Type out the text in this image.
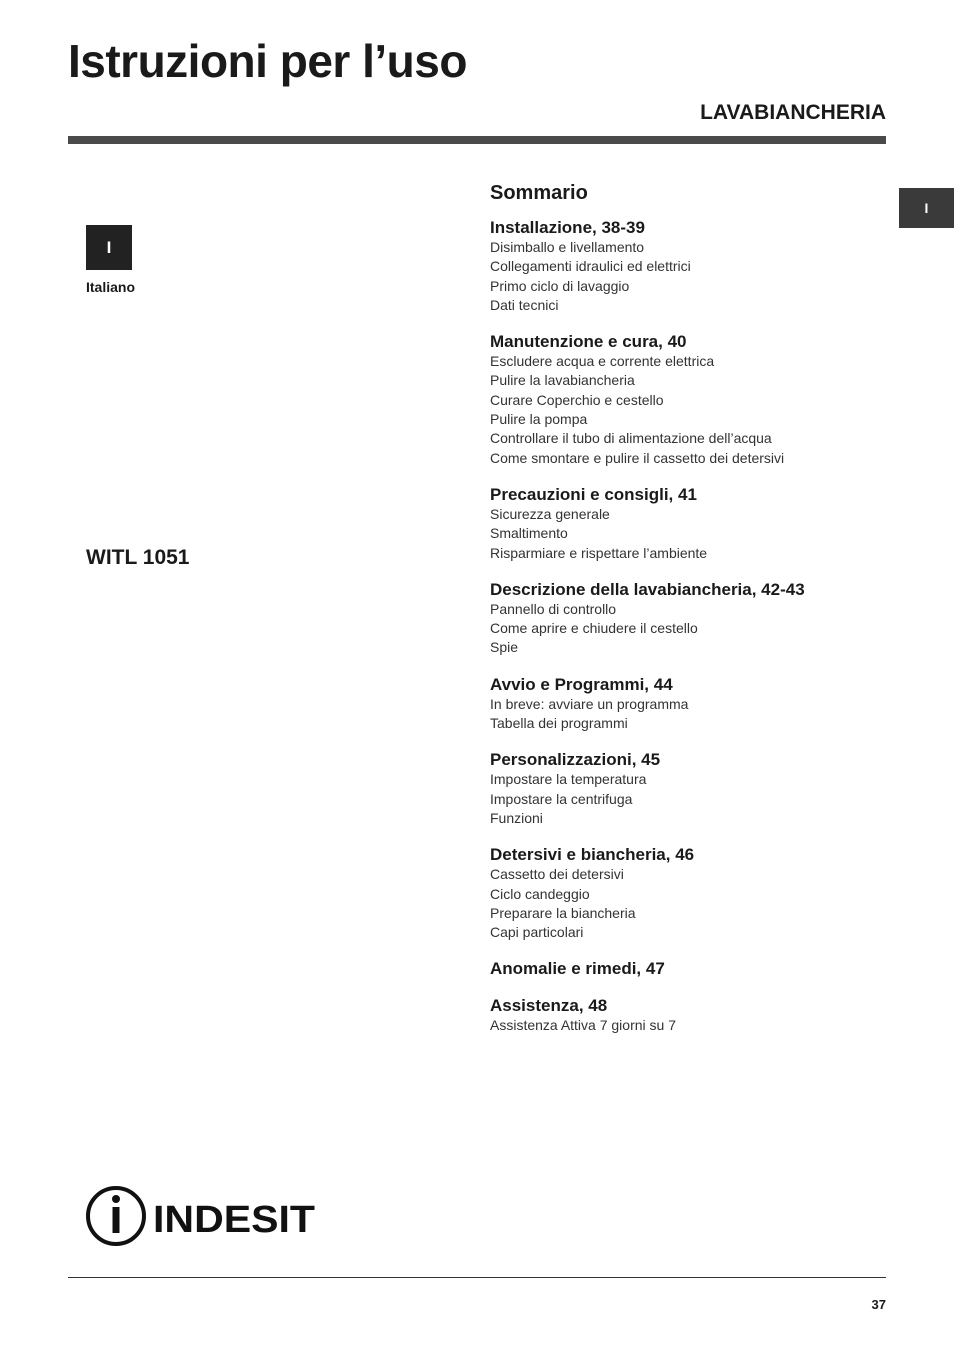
Istruzioni per l’uso
LAVABIANCHERIA
I
I
Italiano
WITL 1051
Sommario
Installazione, 38-39
Disimballo e livellamento
Collegamenti idraulici ed elettrici
Primo ciclo di lavaggio
Dati tecnici
Manutenzione e cura, 40
Escludere acqua e corrente elettrica
Pulire la lavabiancheria
Curare Coperchio e cestello
Pulire la pompa
Controllare il tubo di alimentazione dell’acqua
Come smontare e pulire il cassetto dei detersivi
Precauzioni e consigli, 41
Sicurezza generale
Smaltimento
Risparmiare e rispettare l’ambiente
Descrizione della lavabiancheria, 42-43
Pannello di controllo
Come aprire e chiudere il cestello
Spie
Avvio e Programmi, 44
In breve: avviare un programma
Tabella dei programmi
Personalizzazioni, 45
Impostare la temperatura
Impostare la centrifuga
Funzioni
Detersivi e biancheria, 46
Cassetto dei detersivi
Ciclo candeggio
Preparare la biancheria
Capi particolari
Anomalie e rimedi, 47
Assistenza, 48
Assistenza Attiva 7 giorni su 7
INDESIT
37
